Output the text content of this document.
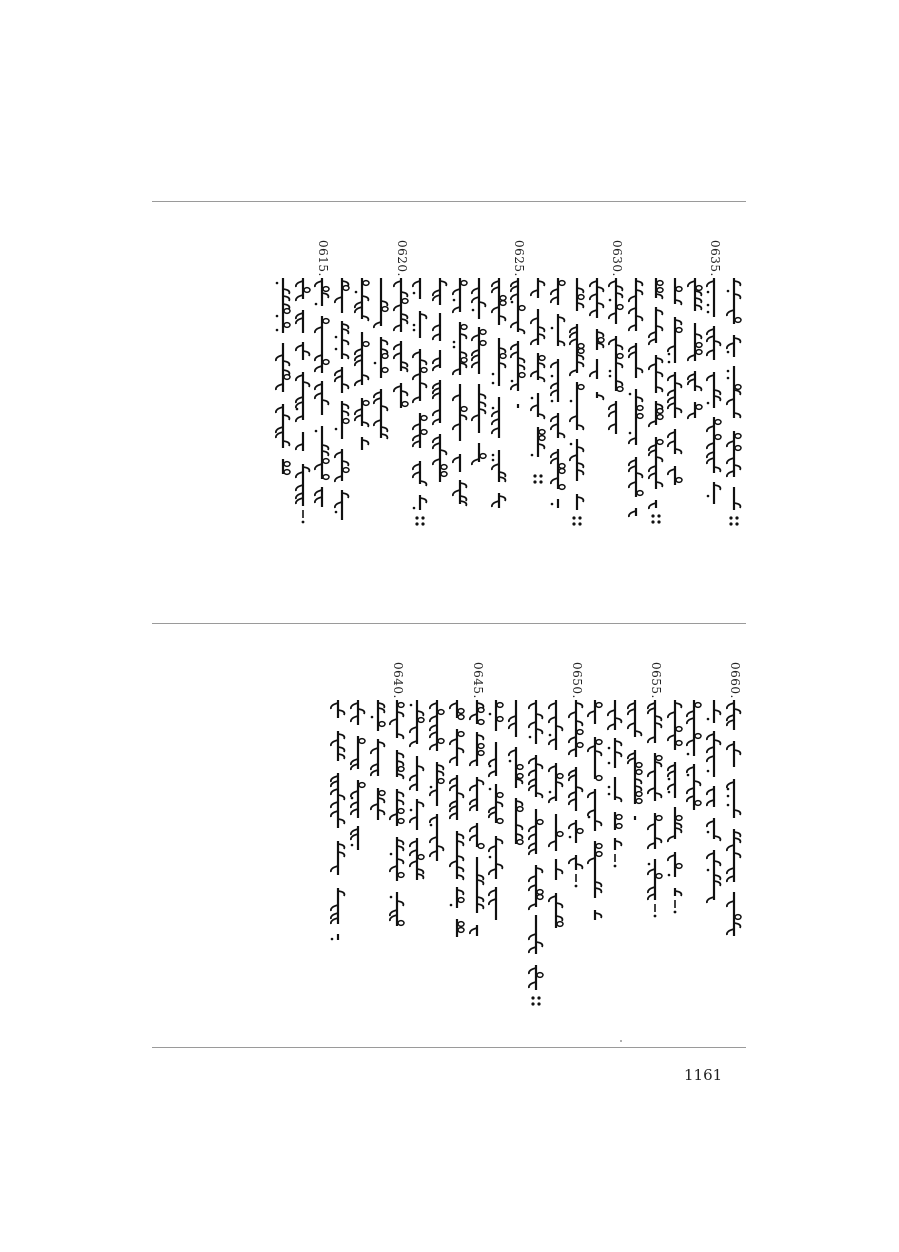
0635.
0630.
0625.
0620.
0615.
0660.
0655.
0650.
0645.
0640.
1161
